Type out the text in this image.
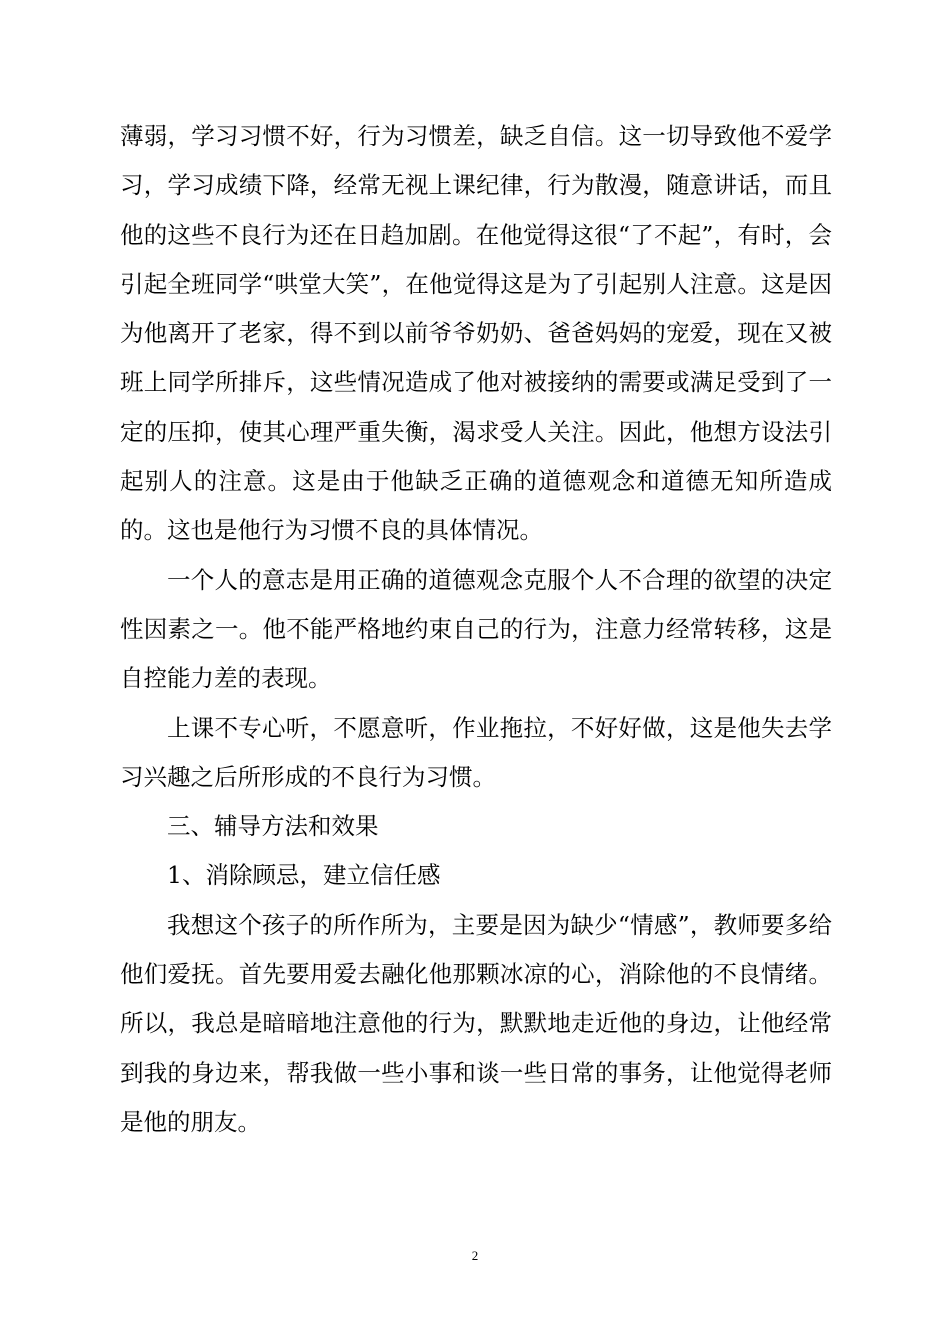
薄弱，学习习惯不好，行为习惯差，缺乏自信。这一切导致他不爱学习，学习成绩下降，经常无视上课纪律，行为散漫，随意讲话，而且他的这些不良行为还在日趋加剧。在他觉得这很“了不起”，有时，会引起全班同学“哄堂大笑”，在他觉得这是为了引起别人注意。这是因为他离开了老家，得不到以前爷爷奶奶、爸爸妈妈的宠爱，现在又被班上同学所排斥，这些情况造成了他对被接纳的需要或满足受到了一定的压抑，使其心理严重失衡，渴求受人关注。因此，他想方设法引起别人的注意。这是由于他缺乏正确的道德观念和道德无知所造成的。这也是他行为习惯不良的具体情况。

一个人的意志是用正确的道德观念克服个人不合理的欲望的决定性因素之一。他不能严格地约束自己的行为，注意力经常转移，这是自控能力差的表现。

上课不专心听，不愿意听，作业拖拉，不好好做，这是他失去学习兴趣之后所形成的不良行为习惯。

三、辅导方法和效果

1、消除顾忌，建立信任感

我想这个孩子的所作所为，主要是因为缺少“情感”，教师要多给他们爱抚。首先要用爱去融化他那颗冰凉的心，消除他的不良情绪。所以，我总是暗暗地注意他的行为，默默地走近他的身边，让他经常到我的身边来，帮我做一些小事和谈一些日常的事务，让他觉得老师是他的朋友。

2
